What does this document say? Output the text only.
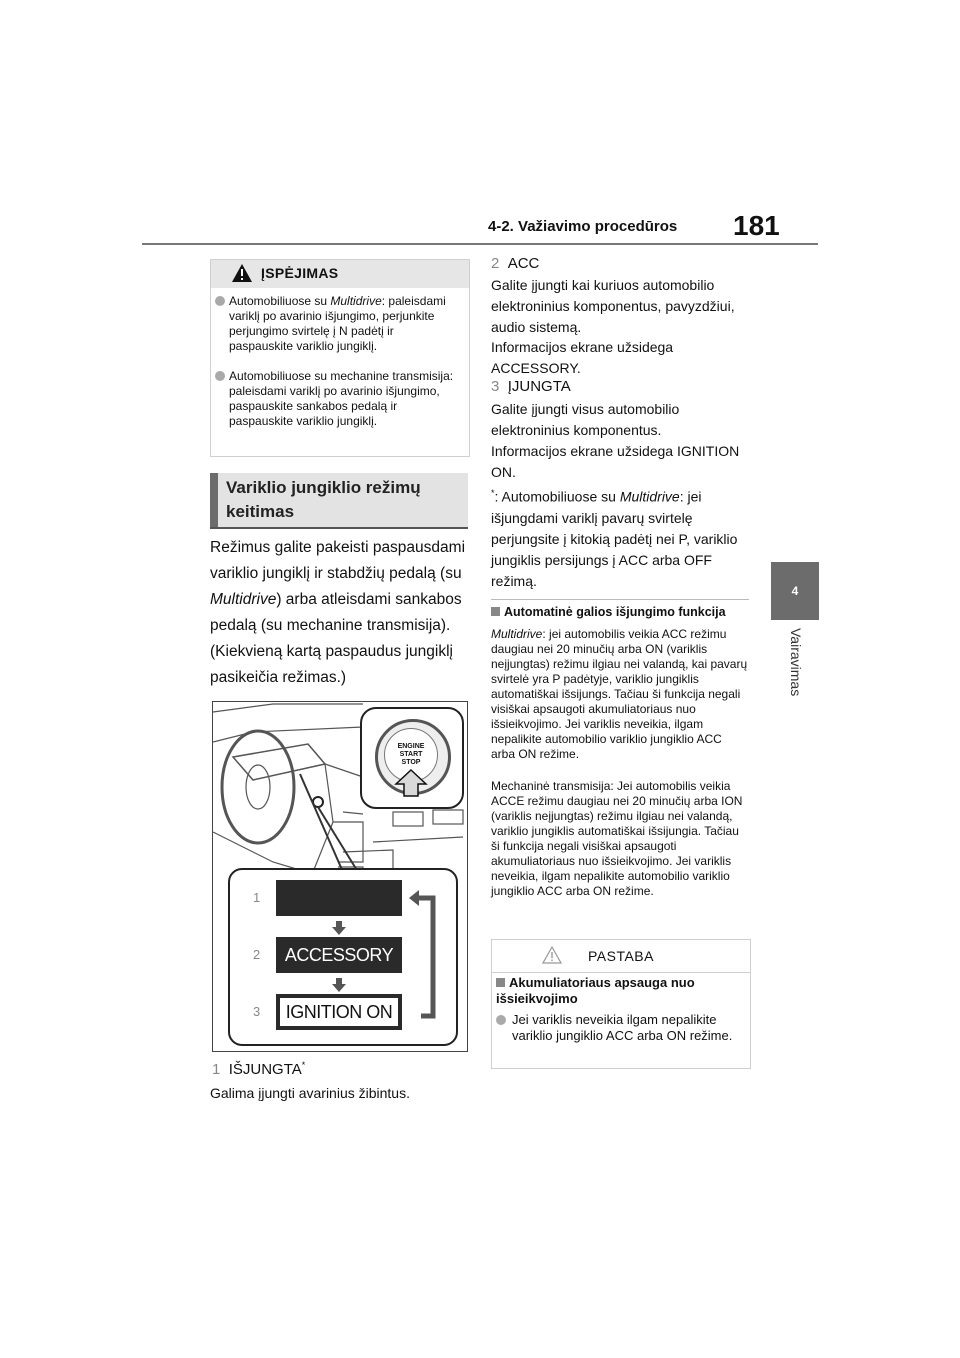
4-2. Važiavimo procedūros 181
4
Vairavimas
ĮSPĖJIMAS
Automobiliuose su Multidrive: paleisdami variklį po avarinio išjungimo, perjunkite perjungimo svirtelę į N padėtį ir paspauskite variklio jungiklį.
Automobiliuose su mechanine transmisija: paleisdami variklį po avarinio išjungimo, paspauskite sankabos pedalą ir paspauskite variklio jungiklį.
Variklio jungiklio režimų keitimas
Režimus galite pakeisti paspausdami variklio jungiklį ir stabdžių pedalą (su Multidrive) arba atleisdami sankabos pedalą (su mechanine transmisija). (Kiekvieną kartą paspaudus jungiklį pasikeičia režimas.)
ENGINE
START
STOP
1
2
3
ACCESSORY
IGNITION ON
1 IŠJUNGTA*
Galima įjungti avarinius žibintus.
2 ACC
Galite įjungti kai kuriuos automobilio elektroninius komponentus, pavyzdžiui, audio sistemą.
Informacijos ekrane užsidega ACCESSORY.
3 ĮJUNGTA
Galite įjungti visus automobilio elektroninius komponentus.
Informacijos ekrane užsidega IGNITION ON.
*: Automobiliuose su Multidrive: jei išjungdami variklį pavarų svirtelę perjungsite į kitokią padėtį nei P, variklio jungiklis persijungs į ACC arba OFF režimą.
Automatinė galios išjungimo funkcija
Multidrive: jei automobilis veikia ACC režimu daugiau nei 20 minučių arba ON (variklis neįjungtas) režimu ilgiau nei valandą, kai pavarų svirtelė yra P padėtyje, variklio jungiklis automatiškai išsijungs. Tačiau ši funkcija negali visiškai apsaugoti akumuliatoriaus nuo išsieikvojimo. Jei variklis neveikia, ilgam nepalikite automobilio variklio jungiklio ACC arba ON režime.
Mechaninė transmisija: Jei automobilis veikia ACCE režimu daugiau nei 20 minučių arba ION (variklis neįjungtas) režimu ilgiau nei valandą, variklio jungiklis automatiškai išsijungia. Tačiau ši funkcija negali visiškai apsaugoti akumuliatoriaus nuo išsieikvojimo. Jei variklis neveikia, ilgam nepalikite automobilio variklio jungiklio ACC arba ON režime.
PASTABA
Akumuliatoriaus apsauga nuo išsieikvojimo
Jei variklis neveikia ilgam nepalikite variklio jungiklio ACC arba ON režime.
